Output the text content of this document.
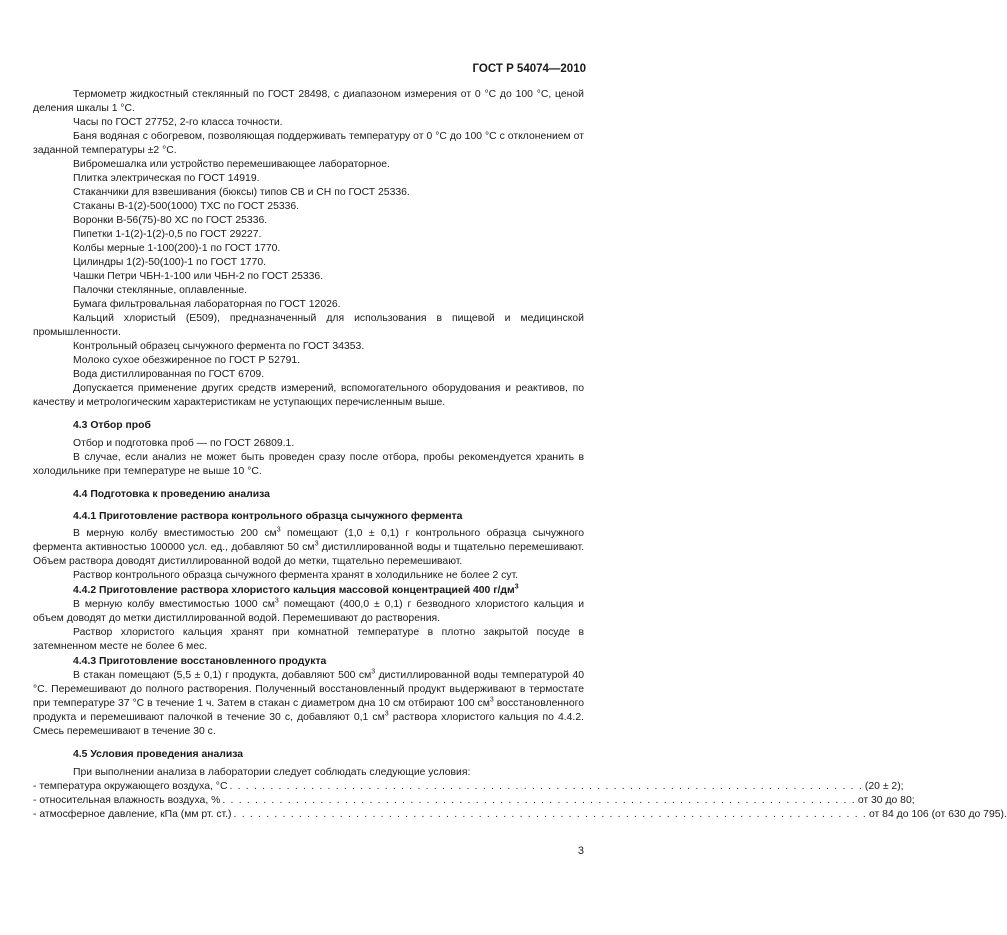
ГОСТ Р 54074—2010

Термометр жидкостный стеклянный по ГОСТ 28498, с диапазоном измерения от 0 °С до 100 °С, ценой деления шкалы 1 °С.

Часы по ГОСТ 27752, 2-го класса точности.

Баня водяная с обогревом, позволяющая поддерживать температуру от 0 °С до 100 °С с отклонением от заданной температуры ±2 °С.

Вибромешалка или устройство перемешивающее лабораторное.

Плитка электрическая по ГОСТ 14919.

Стаканчики для взвешивания (бюксы) типов СВ и СН по ГОСТ 25336.

Стаканы В-1(2)-500(1000) ТХС по ГОСТ 25336.

Воронки В-56(75)-80 ХС по ГОСТ 25336.

Пипетки 1-1(2)-1(2)-0,5 по ГОСТ 29227.

Колбы мерные 1-100(200)-1 по ГОСТ 1770.

Цилиндры 1(2)-50(100)-1 по ГОСТ 1770.

Чашки Петри ЧБН-1-100 или ЧБН-2 по ГОСТ 25336.

Палочки стеклянные, оплавленные.

Бумага фильтровальная лабораторная по ГОСТ 12026.

Кальций хлористый (Е509), предназначенный для использования в пищевой и медицинской промышленности.

Контрольный образец сычужного фермента по ГОСТ 34353.

Молоко сухое обезжиренное по ГОСТ Р 52791.

Вода дистиллированная по ГОСТ 6709.

Допускается применение других средств измерений, вспомогательного оборудования и реактивов, по качеству и метрологическим характеристикам не уступающих перечисленным выше.

4.3 Отбор проб

Отбор и подготовка проб — по ГОСТ 26809.1.

В случае, если анализ не может быть проведен сразу после отбора, пробы рекомендуется хранить в холодильнике при температуре не выше 10 °С.

4.4 Подготовка к проведению анализа
4.4.1 Приготовление раствора контрольного образца сычужного фермента

В мерную колбу вместимостью 200 $см^3$ помещают (1,0 ± 0,1) г контрольного образца сычужного фермента активностью 100000 усл. ед., добавляют 50 $см^3$ дистиллированной воды и тщательно перемешивают. Объем раствора доводят дистиллированной водой до метки, тщательно перемешивают.

Раствор контрольного образца сычужного фермента хранят в холодильнике не более 2 сут.

4.4.2 Приготовление раствора хлористого кальция массовой концентрацией 400 $г/дм^3$

В мерную колбу вместимостью 1000 $см^3$ помещают (400,0 ± 0,1) г безводного хлористого кальция и объем доводят до метки дистиллированной водой. Перемешивают до растворения.

Раствор хлористого кальция хранят при комнатной температуре в плотно закрытой посуде в затемненном месте не более 6 мес.

4.4.3 Приготовление восстановленного продукта

В стакан помещают (5,5 ± 0,1) г продукта, добавляют 500 $см^3$ дистиллированной воды температурой 40 °С. Перемешивают до полного растворения. Полученный восстановленный продукт выдерживают в термостате при температуре 37 °С в течение 1 ч. Затем в стакан с диаметром дна 10 см отбирают 100 $см^3$ восстановленного продукта и перемешивают палочкой в течение 30 с, добавляют 0,1 $см^3$ раствора хлористого кальция по 4.4.2. Смесь перемешивают в течение 30 с.

4.5 Условия проведения анализа

При выполнении анализа в лаборатории следует соблюдать следующие условия:

- температура окружающего воздуха, °С . . . . . . . . . . . . . . . . . . . . . . . . . . . . . . . . . . . . . . . . . . . . . . . . . . . . . . . . . . . . . . . . . . . . . . . . . . . . . . (20 ± 2);
- относительная влажность воздуха, % . . . . . . . . . . . . . . . . . . . . . . . . . . . . . . . . . . . . . . . . . . . . . . . . . . . . . . . . . . . . . . . . . . . . . . . . . . . . . . от 30 до 80;
- атмосферное давление, кПа (мм рт. ст.) . . . . . . . . . . . . . . . . . . . . . . . . . . . . . . . . . . . . . . . . . . . . . . . . . . . . . . . . . . . . . . . . . . . . . . . . . . . . . . от 84 до 106 (от 630 до 795).
3
